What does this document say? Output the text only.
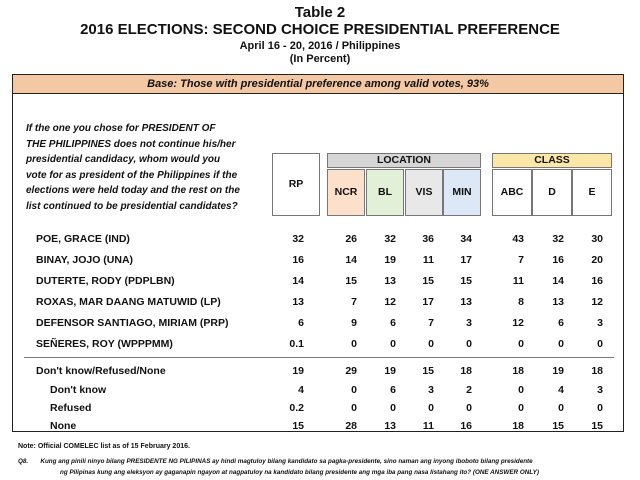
Table 2
2016 ELECTIONS: SECOND CHOICE PRESIDENTIAL PREFERENCE
April 16 - 20, 2016 / Philippines
(In Percent)
Base: Those with presidential preference among valid votes, 93%
If the one you chose for PRESIDENT OF
THE PHILIPPINES does not continue his/her
presidential candidacy, whom would you
vote for as president of the Philippines if the
elections were held today and the rest on the
list continued to be presidential candidates?
RP
LOCATION
NCR	BL	VIS	MIN
CLASS
ABC	D	E
POE, GRACE (IND)	32	26	32	36	34	43	32	30
BINAY, JOJO (UNA)	16	14	19	11	17	7	16	20
DUTERTE, RODY (PDPLBN)	14	15	13	15	15	11	14	16
ROXAS, MAR DAANG MATUWID (LP)	13	7	12	17	13	8	13	12
DEFENSOR SANTIAGO, MIRIAM (PRP)	6	9	6	7	3	12	6	3
SEÑERES, ROY (WPPPMM)	0.1	0	0	0	0	0	0	0
Don't know/Refused/None	19	29	19	15	18	18	19	18
Don't know	4	0	6	3	2	0	4	3
Refused	0.2	0	0	0	0	0	0	0
None	15	28	13	11	16	18	15	15
Note: Official COMELEC list as of 15 February 2016.
Q8. Kung ang pinili ninyo bilang PRESIDENTE NG PILIPINAS ay hindi magtuloy bilang kandidato sa pagka-presidente, sino naman ang inyong iboboto bilang presidente
ng Pilipinas kung ang eleksyon ay gaganapin ngayon at nagpatuloy na kandidato bilang presidente ang mga iba pang nasa listahang ito? (ONE ANSWER ONLY)
